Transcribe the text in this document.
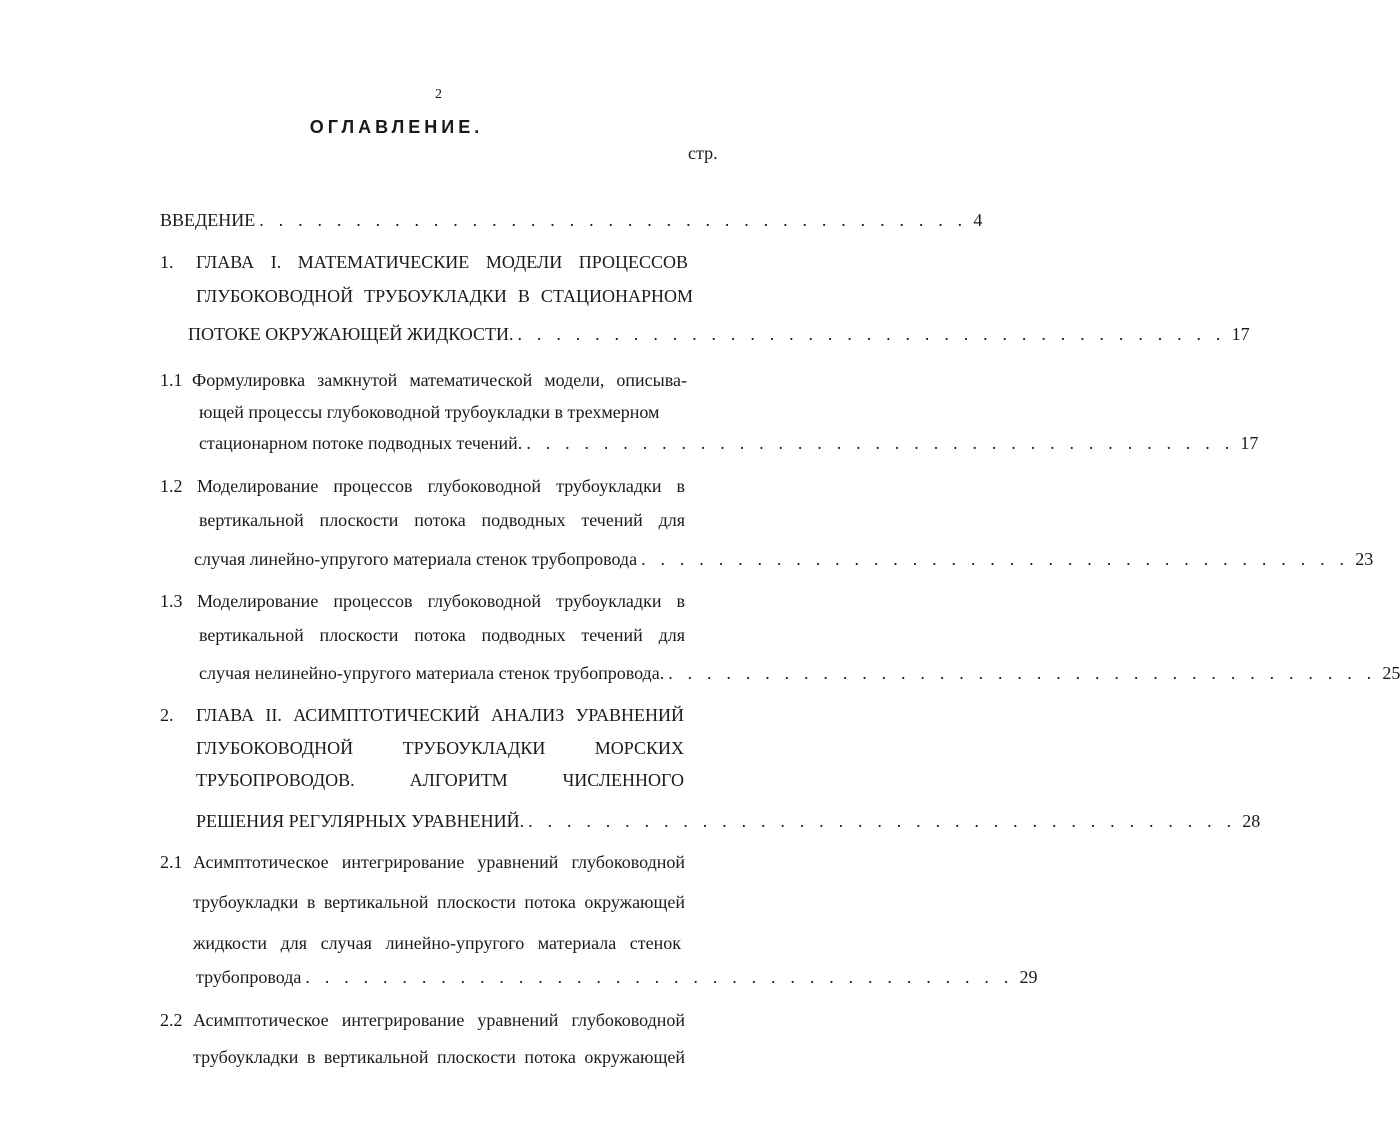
2
ОГЛАВЛЕНИЕ.
стр.
ВВЕДЕНИЕ . . . . . . . . . . . . . . . . . . . . . . . . . . . . . . . . . . . . . 4
1. ГЛАВА I. МАТЕМАТИЧЕСКИЕ МОДЕЛИ ПРОЦЕССОВ
ГЛУБОКОВОДНОЙ ТРУБОУКЛАДКИ В СТАЦИОНАРНОМ
ПОТОКЕ ОКРУЖАЮЩЕЙ ЖИДКОСТИ. . . . . . . . . . . . . . . . . . . . . . . . . . . . . . . . . . . . . . 17
1.1 Формулировка замкнутой математической модели, описыва-
ющей процессы глубоководной трубоукладки в трехмерном
стационарном потоке подводных течений. . . . . . . . . . . . . . . . . . . . . . . . . . . . . . . . . . . . . . 17
1.2 Моделирование процессов глубоководной трубоукладки в
вертикальной плоскости потока подводных течений для
случая линейно-упругого материала стенок трубопровода . . . . . . . . . . . . . . . . . . . . . . . . . . . . . . . . . . . . . 23
1.3 Моделирование процессов глубоководной трубоукладки в
вертикальной плоскости потока подводных течений для
случая нелинейно-упругого материала стенок трубопровода. . . . . . . . . . . . . . . . . . . . . . . . . . . . . . . . . . . . . . 25
2. ГЛАВА II. АСИМПТОТИЧЕСКИЙ АНАЛИЗ УРАВНЕНИЙ
ГЛУБОКОВОДНОЙ ТРУБОУКЛАДКИ МОРСКИХ
ТРУБОПРОВОДОВ. АЛГОРИТМ ЧИСЛЕННОГО
РЕШЕНИЯ РЕГУЛЯРНЫХ УРАВНЕНИЙ. . . . . . . . . . . . . . . . . . . . . . . . . . . . . . . . . . . . . . 28
2.1 Асимптотическое интегрирование уравнений глубоководной
трубоукладки в вертикальной плоскости потока окружающей
жидкости для случая линейно-упругого материала стенок
трубопровода . . . . . . . . . . . . . . . . . . . . . . . . . . . . . . . . . . . . . 29
2.2 Асимптотическое интегрирование уравнений глубоководной
трубоукладки в вертикальной плоскости потока окружающей
